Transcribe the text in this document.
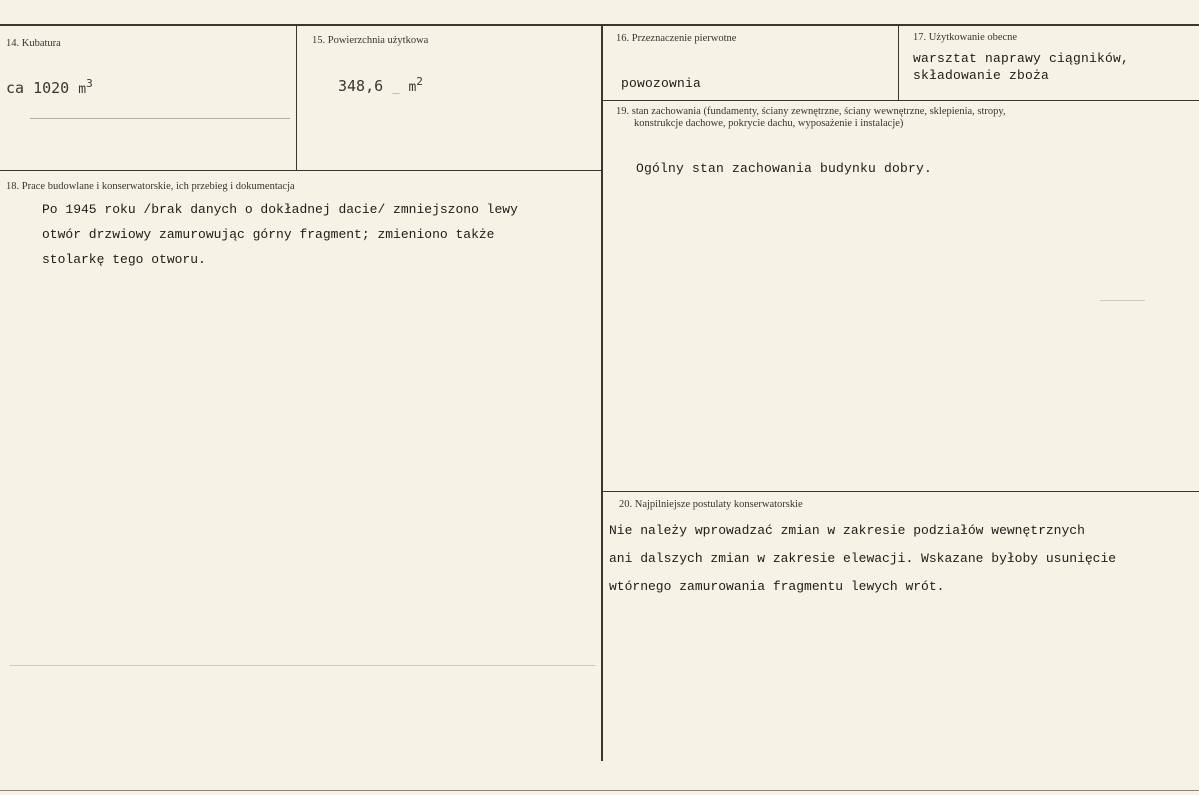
14. Kubatura
ca 1020 $m^3$
15. Powierzchnia użytkowa
348,6 _ $m^2$
16. Przeznaczenie pierwotne
powozownia
17. Użytkowanie obecne
warsztat naprawy ciągników,
składowanie zboża
18. Prace budowlane i konserwatorskie, ich przebieg i dokumentacja
Po 1945 roku /brak danych o dokładnej dacie/ zmniejszono lewy
otwór drzwiowy zamurowując górny fragment; zmieniono także
stolarkę tego otworu.
19. stan zachowania (fundamenty, ściany zewnętrzne, ściany wewnętrzne, sklepienia, stropy,
konstrukcje dachowe, pokrycie dachu, wyposażenie i instalacje)
Ogólny stan zachowania budynku dobry.
20. Najpilniejsze postulaty konserwatorskie
Nie należy wprowadzać zmian w zakresie podziałów wewnętrznych
ani dalszych zmian w zakresie elewacji. Wskazane byłoby usunięcie
wtórnego zamurowania fragmentu lewych wrót.
